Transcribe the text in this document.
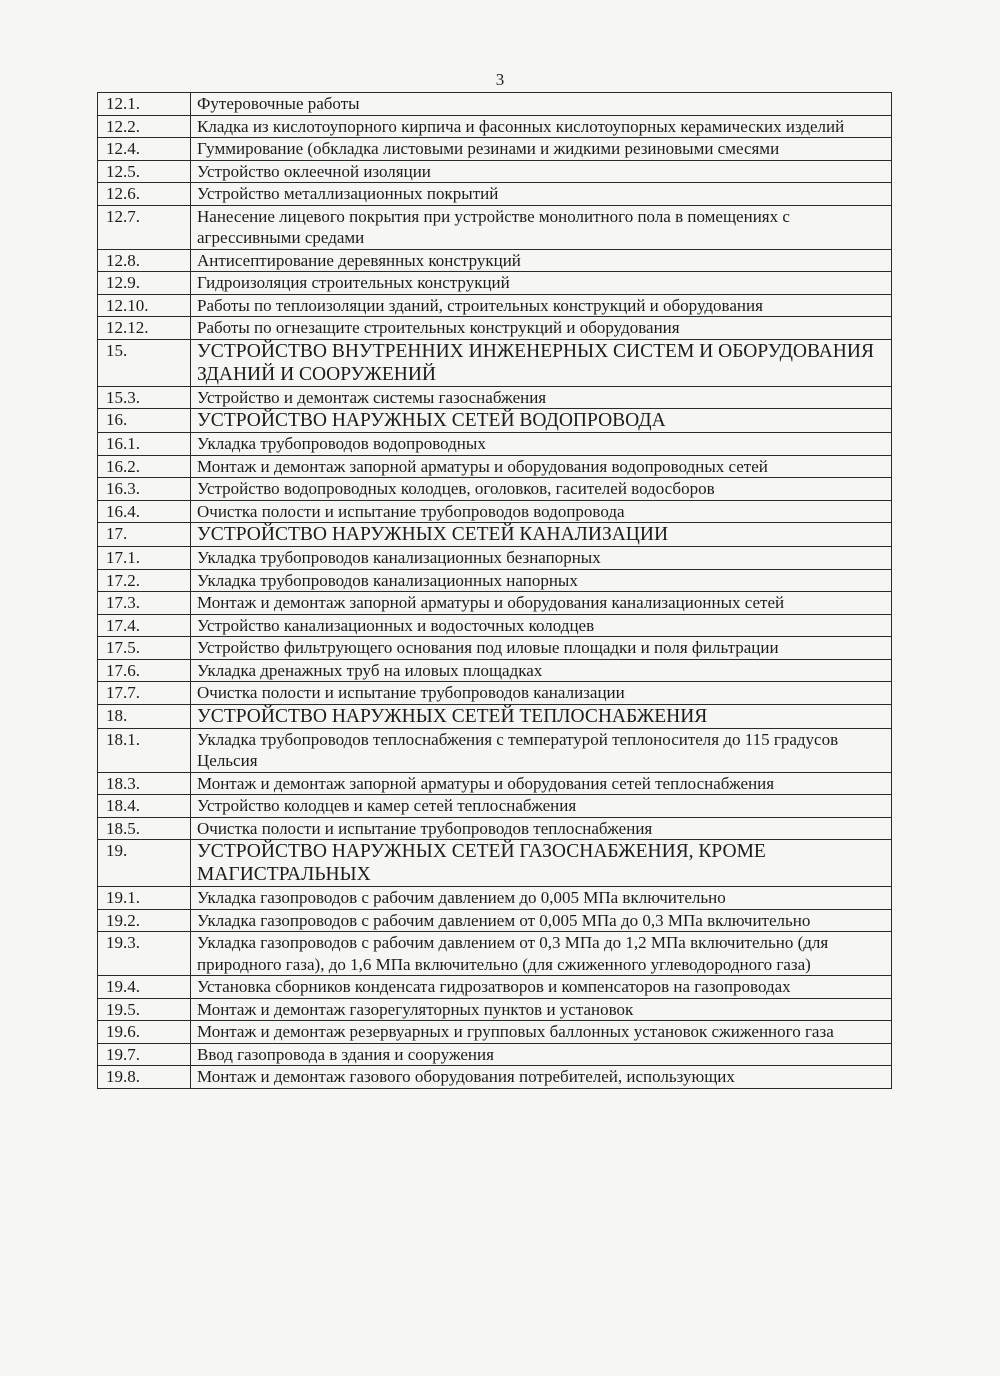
3
12.1.	Футеровочные работы
12.2.	Кладка из кислотоупорного кирпича и фасонных кислотоупорных керамических изделий
12.4.	Гуммирование (обкладка листовыми резинами и жидкими резиновыми смесями
12.5.	Устройство оклеечной изоляции
12.6.	Устройство металлизационных покрытий
12.7.	Нанесение лицевого покрытия при устройстве монолитного пола в помещениях с агрессивными средами
12.8.	Антисептирование деревянных конструкций
12.9.	Гидроизоляция строительных конструкций
12.10.	Работы по теплоизоляции зданий, строительных конструкций и оборудования
12.12.	Работы по огнезащите строительных конструкций и оборудования
15.	УСТРОЙСТВО ВНУТРЕННИХ ИНЖЕНЕРНЫХ СИСТЕМ И ОБОРУДОВАНИЯ ЗДАНИЙ И СООРУЖЕНИЙ
15.3.	Устройство и демонтаж системы газоснабжения
16.	УСТРОЙСТВО НАРУЖНЫХ СЕТЕЙ ВОДОПРОВОДА
16.1.	Укладка трубопроводов водопроводных
16.2.	Монтаж и демонтаж запорной арматуры и оборудования водопроводных сетей
16.3.	Устройство водопроводных колодцев, оголовков, гасителей водосборов
16.4.	Очистка полости и испытание трубопроводов водопровода
17.	УСТРОЙСТВО НАРУЖНЫХ СЕТЕЙ КАНАЛИЗАЦИИ
17.1.	Укладка трубопроводов канализационных безнапорных
17.2.	Укладка трубопроводов канализационных напорных
17.3.	Монтаж и демонтаж запорной арматуры и оборудования канализационных сетей
17.4.	Устройство канализационных и водосточных колодцев
17.5.	Устройство фильтрующего основания под иловые площадки и поля фильтрации
17.6.	Укладка дренажных труб на иловых площадках
17.7.	Очистка полости и испытание трубопроводов канализации
18.	УСТРОЙСТВО НАРУЖНЫХ СЕТЕЙ ТЕПЛОСНАБЖЕНИЯ
18.1.	Укладка трубопроводов теплоснабжения с температурой теплоносителя до 115 градусов Цельсия
18.3.	Монтаж и демонтаж запорной арматуры и оборудования сетей теплоснабжения
18.4.	Устройство колодцев и камер сетей теплоснабжения
18.5.	Очистка полости и испытание трубопроводов теплоснабжения
19.	УСТРОЙСТВО НАРУЖНЫХ СЕТЕЙ ГАЗОСНАБЖЕНИЯ, КРОМЕ МАГИСТРАЛЬНЫХ
19.1.	Укладка газопроводов с рабочим давлением до 0,005 МПа включительно
19.2.	Укладка газопроводов с рабочим давлением от 0,005 МПа до 0,3 МПа включительно
19.3.	Укладка газопроводов с рабочим давлением от 0,3 МПа до 1,2 МПа включительно (для природного газа), до 1,6 МПа включительно (для сжиженного углеводородного газа)
19.4.	Установка сборников конденсата гидрозатворов и компенсаторов на газопроводах
19.5.	Монтаж и демонтаж газорегуляторных пунктов и установок
19.6.	Монтаж и демонтаж резервуарных и групповых баллонных установок сжиженного газа
19.7.	Ввод газопровода в здания и сооружения
19.8.	Монтаж и демонтаж газового оборудования потребителей, использующих
